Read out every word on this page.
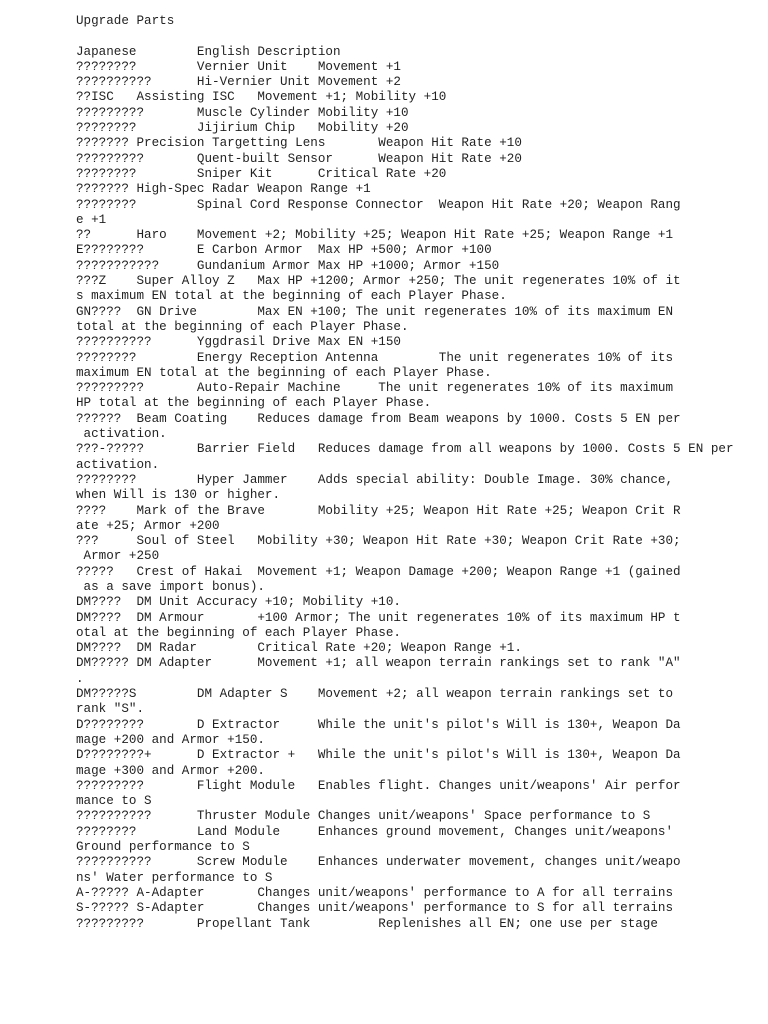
Upgrade Parts
Japanese        English Description
????????        Vernier Unit    Movement +1
??????????      Hi-Vernier Unit Movement +2
??ISC   Assisting ISC   Movement +1; Mobility +10
?????????       Muscle Cylinder Mobility +10
????????        Jijirium Chip   Mobility +20
??????? Precision Targetting Lens       Weapon Hit Rate +10
?????????       Quent-built Sensor      Weapon Hit Rate +20
????????        Sniper Kit      Critical Rate +20
??????? High-Spec Radar Weapon Range +1
????????        Spinal Cord Response Connector  Weapon Hit Rate +20; Weapon Rang
e +1
??      Haro    Movement +2; Mobility +25; Weapon Hit Rate +25; Weapon Range +1
E????????       E Carbon Armor  Max HP +500; Armor +100
???????????     Gundanium Armor Max HP +1000; Armor +150
???Z    Super Alloy Z   Max HP +1200; Armor +250; The unit regenerates 10% of it
s maximum EN total at the beginning of each Player Phase.
GN????  GN Drive        Max EN +100; The unit regenerates 10% of its maximum EN
total at the beginning of each Player Phase.
??????????      Yggdrasil Drive Max EN +150
????????        Energy Reception Antenna        The unit regenerates 10% of its
maximum EN total at the beginning of each Player Phase.
?????????       Auto-Repair Machine     The unit regenerates 10% of its maximum
HP total at the beginning of each Player Phase.
??????  Beam Coating    Reduces damage from Beam weapons by 1000. Costs 5 EN per
activation.
???-?????       Barrier Field   Reduces damage from all weapons by 1000. Costs 5 EN per
activation.
????????        Hyper Jammer    Adds special ability: Double Image. 30% chance,
when Will is 130 or higher.
????    Mark of the Brave       Mobility +25; Weapon Hit Rate +25; Weapon Crit R
ate +25; Armor +200
???     Soul of Steel   Mobility +30; Weapon Hit Rate +30; Weapon Crit Rate +30;
Armor +250
?????   Crest of Hakai  Movement +1; Weapon Damage +200; Weapon Range +1 (gained
as a save import bonus).
DM????  DM Unit Accuracy +10; Mobility +10.
DM????  DM Armour       +100 Armor; The unit regenerates 10% of its maximum HP t
otal at the beginning of each Player Phase.
DM????  DM Radar        Critical Rate +20; Weapon Range +1.
DM????? DM Adapter      Movement +1; all weapon terrain rankings set to rank "A"
.
DM?????S        DM Adapter S    Movement +2; all weapon terrain rankings set to
rank "S".
D????????       D Extractor     While the unit's pilot's Will is 130+, Weapon Da
mage +200 and Armor +150.
D????????+      D Extractor +   While the unit's pilot's Will is 130+, Weapon Da
mage +300 and Armor +200.
?????????       Flight Module   Enables flight. Changes unit/weapons' Air perfor
mance to S
??????????      Thruster Module Changes unit/weapons' Space performance to S
????????        Land Module     Enhances ground movement, Changes unit/weapons'
Ground performance to S
??????????      Screw Module    Enhances underwater movement, changes unit/weapo
ns' Water performance to S
A-????? A-Adapter       Changes unit/weapons' performance to A for all terrains
S-????? S-Adapter       Changes unit/weapons' performance to S for all terrains
?????????       Propellant Tank         Replenishes all EN; one use per stage
